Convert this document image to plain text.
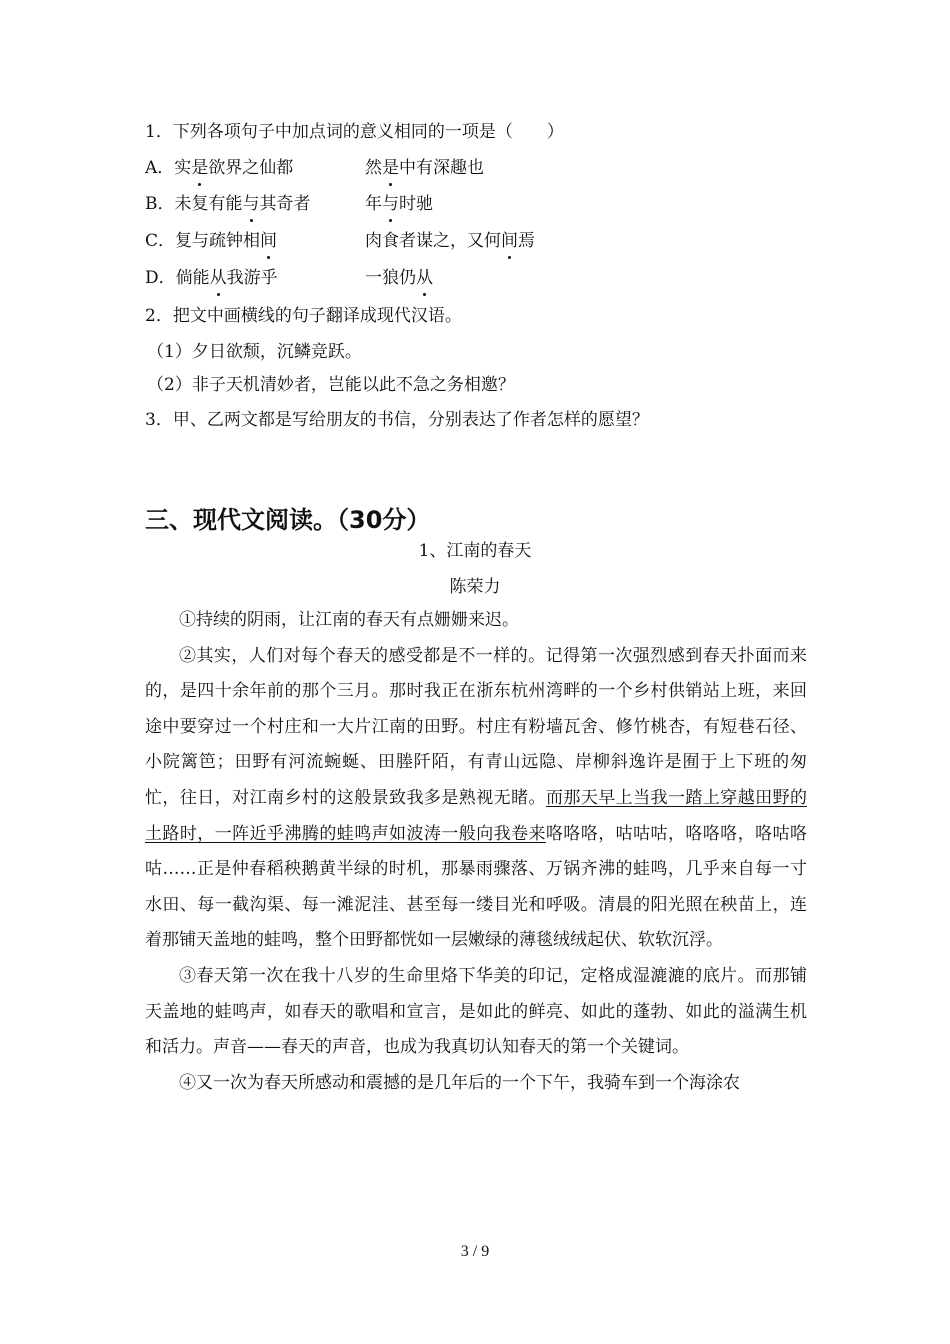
1．下列各项句子中加点词的意义相同的一项是（　　）
A．实是欲界之仙都	然是中有深趣也
B．未复有能与其奇者	年与时驰
C．复与疏钟相间	肉食者谋之，又何间焉
D．倘能从我游乎	一狼仍从
2．把文中画横线的句子翻译成现代汉语。
（1）夕日欲颓，沉鳞竞跃。
（2）非子天机清妙者，岂能以此不急之务相邀？
3．甲、乙两文都是写给朋友的书信，分别表达了作者怎样的愿望？
三、现代文阅读。（30分）
1、江南的春天
陈荣力

①持续的阴雨，让江南的春天有点姗姗来迟。

②其实，人们对每个春天的感受都是不一样的。记得第一次强烈感到春天扑面而来的，是四十余年前的那个三月。那时我正在浙东杭州湾畔的一个乡村供销站上班，来回途中要穿过一个村庄和一大片江南的田野。村庄有粉墙瓦舍、修竹桃杏，有短巷石径、小院篱笆；田野有河流蜿蜒、田塍阡陌，有青山远隐、岸柳斜逸许是囿于上下班的匆忙，往日，对江南乡村的这般景致我多是熟视无睹。而那天早上当我一踏上穿越田野的土路时，一阵近乎沸腾的蛙鸣声如波涛一般向我卷来咯咯咯，咕咕咕，咯咯咯，咯咕咯咕……正是仲春稻秧鹅黄半绿的时机，那暴雨骤落、万锅齐沸的蛙鸣，几乎来自每一寸水田、每一截沟渠、每一滩泥洼、甚至每一缕目光和呼吸。清晨的阳光照在秧苗上，连着那铺天盖地的蛙鸣，整个田野都恍如一层嫩绿的薄毯绒绒起伏、软软沉浮。

③春天第一次在我十八岁的生命里烙下华美的印记，定格成湿漉漉的底片。而那铺天盖地的蛙鸣声，如春天的歌唱和宣言，是如此的鲜亮、如此的蓬勃、如此的溢满生机和活力。声音——春天的声音，也成为我真切认知春天的第一个关键词。

④又一次为春天所感动和震撼的是几年后的一个下午，我骑车到一个海涂农

3 / 9
